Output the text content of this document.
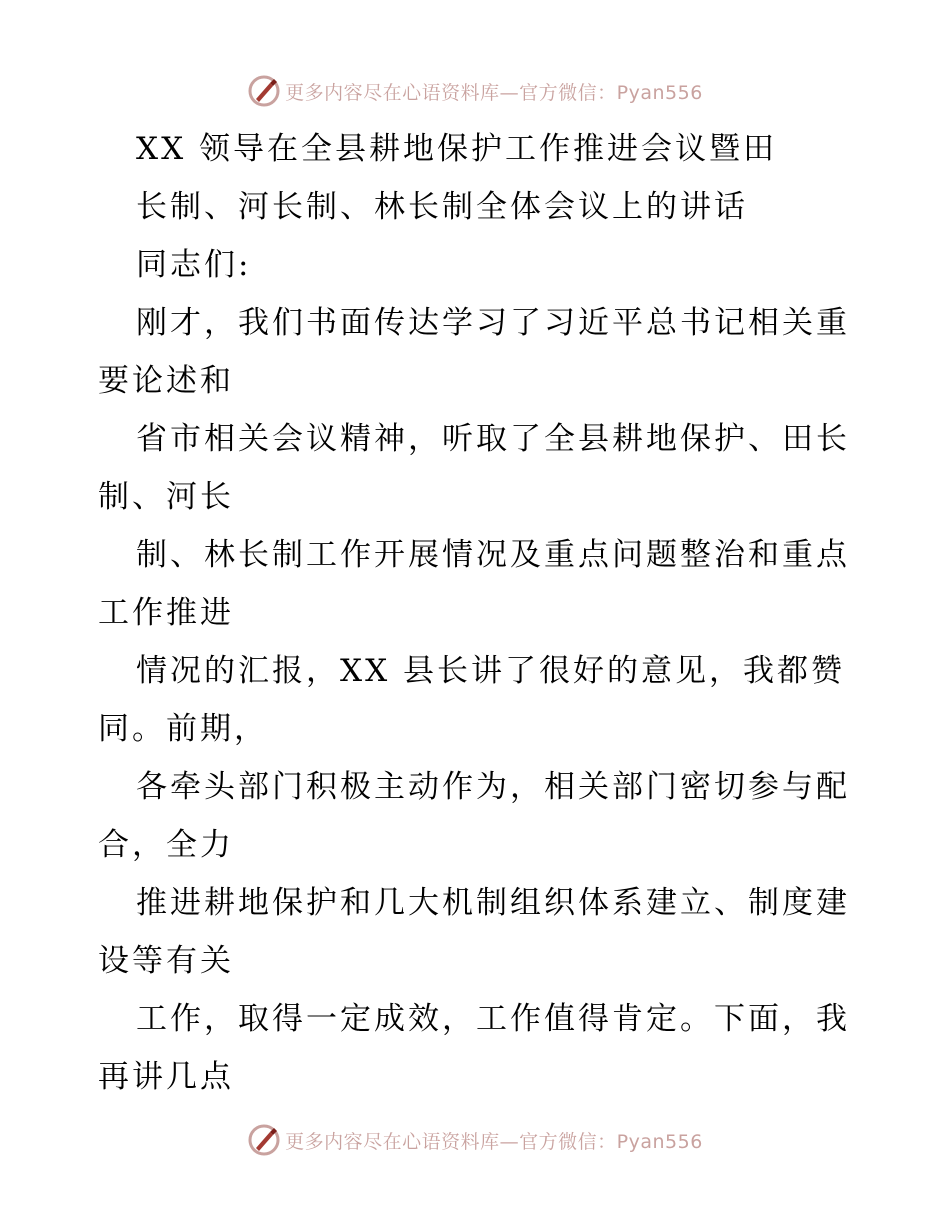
更多内容尽在心语资料库—官方微信：Pyan556
XX 领导在全县耕地保护工作推进会议暨田
长制、河长制、林长制全体会议上的讲话
同志们:
刚才，我们书面传达学习了习近平总书记相关重
要论述和
省市相关会议精神，听取了全县耕地保护、田长
制、河长
制、林长制工作开展情况及重点问题整治和重点
工作推进
情况的汇报，XX 县长讲了很好的意见，我都赞
同。前期，
各牵头部门积极主动作为，相关部门密切参与配
合，全力
推进耕地保护和几大机制组织体系建立、制度建
设等有关
工作，取得一定成效，工作值得肯定。下面，我
再讲几点
更多内容尽在心语资料库—官方微信：Pyan556
